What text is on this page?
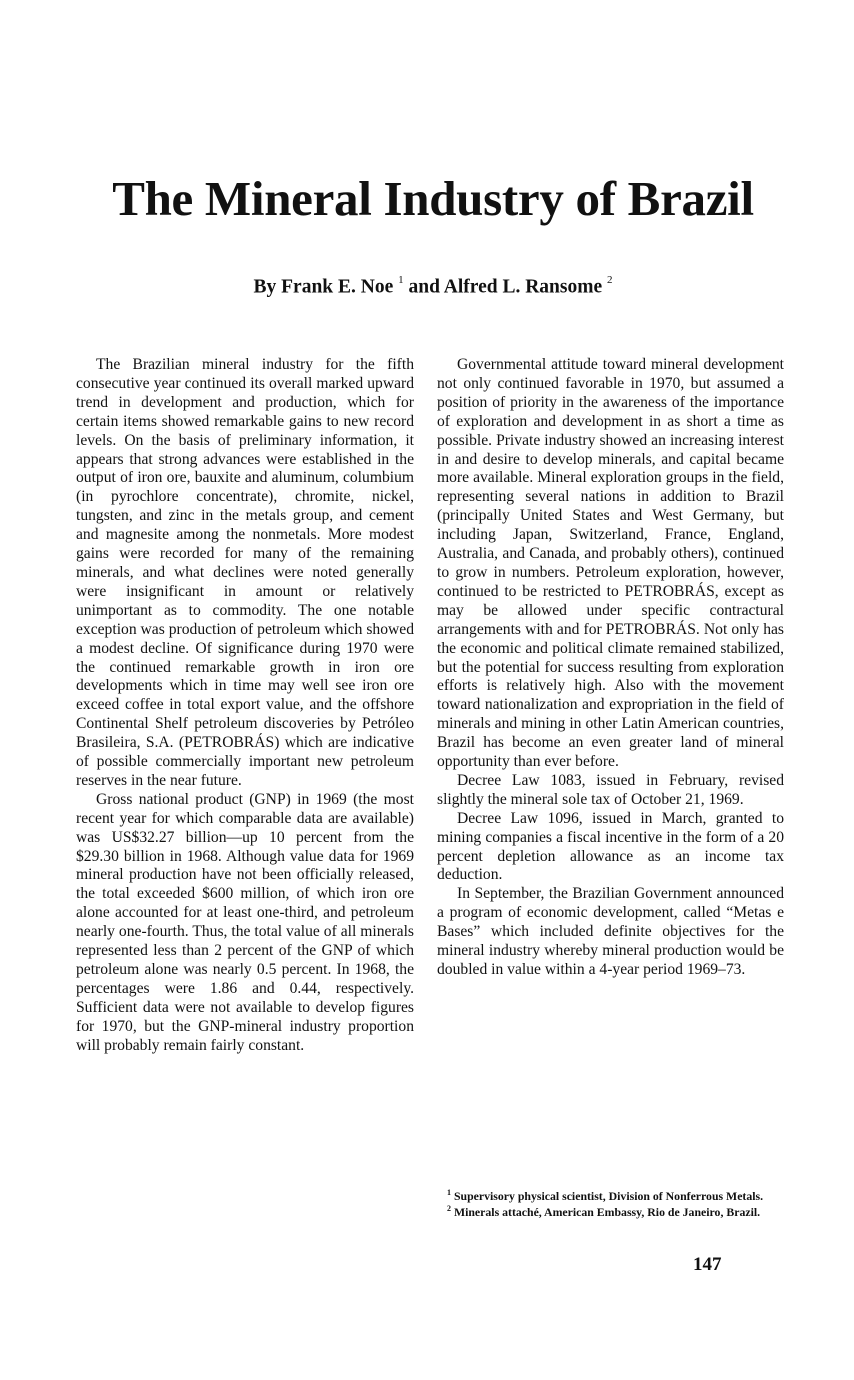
The Mineral Industry of Brazil

By Frank E. Noe $^1$ and Alfred L. Ransome $^2$

The Brazilian mineral industry for the fifth consecutive year continued its overall marked upward trend in development and production, which for certain items showed remarkable gains to new record levels. On the basis of preliminary information, it appears that strong advances were established in the output of iron ore, bauxite and aluminum, columbium (in pyrochlore concentrate), chromite, nickel, tungsten, and zinc in the metals group, and cement and magnesite among the nonmetals. More modest gains were recorded for many of the remaining minerals, and what declines were noted generally were insignificant in amount or relatively unimportant as to commodity. The one notable exception was production of petroleum which showed a modest decline. Of significance during 1970 were the continued remarkable growth in iron ore developments which in time may well see iron ore exceed coffee in total export value, and the offshore Continental Shelf petroleum discoveries by Petróleo Brasileira, S.A. (PETROBRÁS) which are indicative of possible commercially important new petroleum reserves in the near future.

Gross national product (GNP) in 1969 (the most recent year for which comparable data are available) was US$32.27 billion—up 10 percent from the $29.30 billion in 1968. Although value data for 1969 mineral production have not been officially released, the total exceeded $600 million, of which iron ore alone accounted for at least one-third, and petroleum nearly one-fourth. Thus, the total value of all minerals represented less than 2 percent of the GNP of which petroleum alone was nearly 0.5 percent. In 1968, the percentages were 1.86 and 0.44, respectively. Sufficient data were not available to develop figures for 1970, but the GNP-mineral industry proportion will probably remain fairly constant.

Governmental attitude toward mineral development not only continued favorable in 1970, but assumed a position of priority in the awareness of the importance of exploration and development in as short a time as possible. Private industry showed an increasing interest in and desire to develop minerals, and capital became more available. Mineral exploration groups in the field, representing several nations in addition to Brazil (principally United States and West Germany, but including Japan, Switzerland, France, England, Australia, and Canada, and probably others), continued to grow in numbers. Petroleum exploration, however, continued to be restricted to PETROBRÁS, except as may be allowed under specific contractural arrangements with and for PETROBRÁS. Not only has the economic and political climate remained stabilized, but the potential for success resulting from exploration efforts is relatively high. Also with the movement toward nationalization and expropriation in the field of minerals and mining in other Latin American countries, Brazil has become an even greater land of mineral opportunity than ever before.

Decree Law 1083, issued in February, revised slightly the mineral sole tax of October 21, 1969.

Decree Law 1096, issued in March, granted to mining companies a fiscal incentive in the form of a 20 percent depletion allowance as an income tax deduction.

In September, the Brazilian Government announced a program of economic development, called “Metas e Bases” which included definite objectives for the mineral industry whereby mineral production would be doubled in value within a 4-year period 1969–73.

$^1$ Supervisory physical scientist, Division of Nonferrous Metals.

$^2$ Minerals attaché, American Embassy, Rio de Janeiro, Brazil.

147
